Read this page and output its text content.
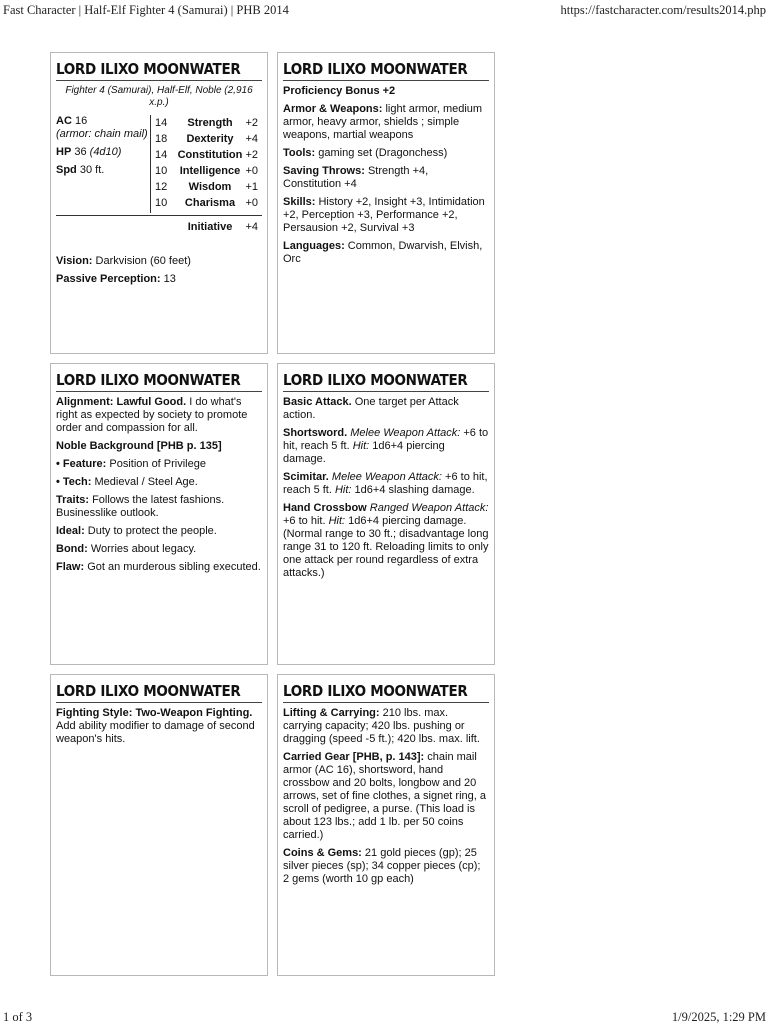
Fast Character | Half-Elf Fighter 4 (Samurai) | PHB 2014	https://fastcharacter.com/results2014.php
LORD ILIXO MOONWATER
Fighter 4 (Samurai), Half-Elf, Noble (2,916 x.p.)
AC 16
(armor: chain mail)
HP 36 (4d10)
Spd 30 ft.
14	Strength	+2
18	Dexterity	+4
14 Constitution +2
10	Intelligence +0
12	Wisdom	+1
10	Charisma +0
Initiative	+4

Vision: Darkvision (60 feet)

Passive Perception: 13

LORD ILIXO MOONWATER

Proficiency Bonus +2

Armor & Weapons: light armor, medium armor, heavy armor, shields ; simple weapons, martial weapons

Tools: gaming set (Dragonchess)

Saving Throws: Strength +4, Constitution +4

Skills: History +2, Insight +3, Intimidation +2, Perception +3, Performance +2, Persausion +2, Survival +3

Languages: Common, Dwarvish, Elvish, Orc

LORD ILIXO MOONWATER

Alignment: Lawful Good. I do what's right as expected by society to promote order and compassion for all.

Noble Background [PHB p. 135]

• Feature: Position of Privilege

• Tech: Medieval / Steel Age.

Traits: Follows the latest fashions. Businesslike outlook.

Ideal: Duty to protect the people.

Bond: Worries about legacy.

Flaw: Got an murderous sibling executed.

LORD ILIXO MOONWATER

Basic Attack. One target per Attack action.

Shortsword. Melee Weapon Attack: +6 to hit, reach 5 ft. Hit: 1d6+4 piercing damage.

Scimitar. Melee Weapon Attack: +6 to hit, reach 5 ft. Hit: 1d6+4 slashing damage.

Hand Crossbow Ranged Weapon Attack: +6 to hit. Hit: 1d6+4 piercing damage. (Normal range to 30 ft.; disadvantage long range 31 to 120 ft. Reloading limits to only one attack per round regardless of extra attacks.)

LORD ILIXO MOONWATER

Fighting Style: Two-Weapon Fighting. Add ability modifier to damage of second weapon's hits.

LORD ILIXO MOONWATER

Lifting & Carrying: 210 lbs. max. carrying capacity; 420 lbs. pushing or dragging (speed -5 ft.); 420 lbs. max. lift.

Carried Gear [PHB, p. 143]: chain mail armor (AC 16), shortsword, hand crossbow and 20 bolts, longbow and 20 arrows, set of fine clothes, a signet ring, a scroll of pedigree, a purse. (This load is about 123 lbs.; add 1 lb. per 50 coins carried.)

Coins & Gems: 21 gold pieces (gp); 25 silver pieces (sp); 34 copper pieces (cp); 2 gems (worth 10 gp each)

1 of 3	1/9/2025, 1:29 PM
